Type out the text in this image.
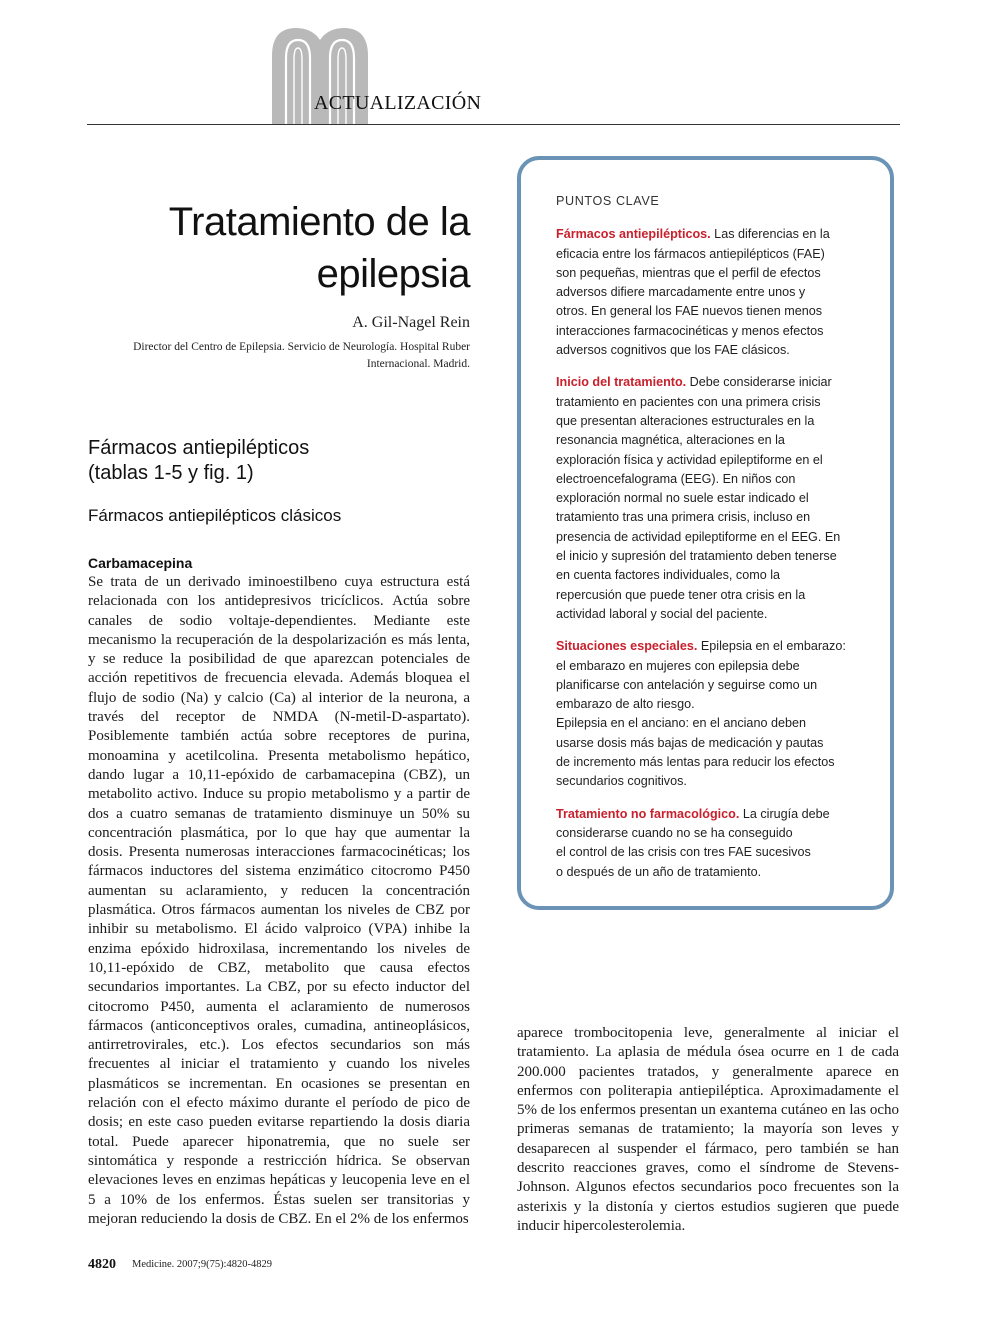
ACTUALIZACIÓN
Tratamiento de la
epilepsia
A. Gil-Nagel Rein
Director del Centro de Epilepsia. Servicio de Neurología. Hospital Ruber
Internacional. Madrid.
Fármacos antiepilépticos
(tablas 1-5 y fig. 1)
Fármacos antiepilépticos clásicos
Carbamacepina

Se trata de un derivado iminoestilbeno cuya estructura está relacionada con los antidepresivos tricíclicos. Actúa sobre canales de sodio voltaje-dependientes. Mediante este mecanismo la recuperación de la despolarización es más lenta, y se reduce la posibilidad de que aparezcan potenciales de acción repetitivos de frecuencia elevada. Además bloquea el flujo de sodio (Na) y calcio (Ca) al interior de la neurona, a través del receptor de NMDA (N-metil-D-aspartato). Posiblemente también actúa sobre receptores de purina, monoamina y acetilcolina. Presenta metabolismo hepático, dando lugar a 10,11-epóxido de carbamacepina (CBZ), un metabolito activo. Induce su propio metabolismo y a partir de dos a cuatro semanas de tratamiento disminuye un 50% su concentración plasmática, por lo que hay que aumentar la dosis. Presenta numerosas interacciones farmacocinéticas; los fármacos inductores del sistema enzimático citocromo P450 aumentan su aclaramiento, y reducen la concentración plasmática. Otros fármacos aumentan los niveles de CBZ por inhibir su metabolismo. El ácido valproico (VPA) inhibe la enzima epóxido hidroxilasa, incrementando los niveles de 10,11-epóxido de CBZ, metabolito que causa efectos secundarios importantes. La CBZ, por su efecto inductor del citocromo P450, aumenta el aclaramiento de numerosos fármacos (anticonceptivos orales, cumadina, antineoplásicos, antirretrovirales, etc.). Los efectos secundarios son más frecuentes al iniciar el tratamiento y cuando los niveles plasmáticos se incrementan. En ocasiones se presentan en relación con el efecto máximo durante el período de pico de dosis; en este caso pueden evitarse repartiendo la dosis diaria total. Puede aparecer hiponatremia, que no suele ser sintomática y responde a restricción hídrica. Se observan elevaciones leves en enzimas hepáticas y leucopenia leve en el 5 a 10% de los enfermos. Éstas suelen ser transitorias y mejoran reduciendo la dosis de CBZ. En el 2% de los enfermos

aparece trombocitopenia leve, generalmente al iniciar el tratamiento. La aplasia de médula ósea ocurre en 1 de cada 200.000 pacientes tratados, y generalmente aparece en enfermos con politerapia antiepiléptica. Aproximadamente el 5% de los enfermos presentan un exantema cutáneo en las ocho primeras semanas de tratamiento; la mayoría son leves y desaparecen al suspender el fármaco, pero también se han descrito reacciones graves, como el síndrome de Stevens-Johnson. Algunos efectos secundarios poco frecuentes son la asterixis y la distonía y ciertos estudios sugieren que puede inducir hipercolesterolemia.

PUNTOS CLAVE
Fármacos antiepilépticos. Las diferencias en la
eficacia entre los fármacos antiepilépticos (FAE)
son pequeñas, mientras que el perfil de efectos
adversos difiere marcadamente entre unos y
otros. En general los FAE nuevos tienen menos
interacciones farmacocinéticas y menos efectos
adversos cognitivos que los FAE clásicos.
Inicio del tratamiento. Debe considerarse iniciar
tratamiento en pacientes con una primera crisis
que presentan alteraciones estructurales en la
resonancia magnética, alteraciones en la
exploración física y actividad epileptiforme en el
electroencefalograma (EEG). En niños con
exploración normal no suele estar indicado el
tratamiento tras una primera crisis, incluso en
presencia de actividad epileptiforme en el EEG. En
el inicio y supresión del tratamiento deben tenerse
en cuenta factores individuales, como la
repercusión que puede tener otra crisis en la
actividad laboral y social del paciente.
Situaciones especiales. Epilepsia en el embarazo:
el embarazo en mujeres con epilepsia debe
planificarse con antelación y seguirse como un
embarazo de alto riesgo.
Epilepsia en el anciano: en el anciano deben
usarse dosis más bajas de medicación y pautas
de incremento más lentas para reducir los efectos
secundarios cognitivos.
Tratamiento no farmacológico. La cirugía debe
considerarse cuando no se ha conseguido
el control de las crisis con tres FAE sucesivos
o después de un año de tratamiento.
4820 Medicine. 2007;9(75):4820-4829
